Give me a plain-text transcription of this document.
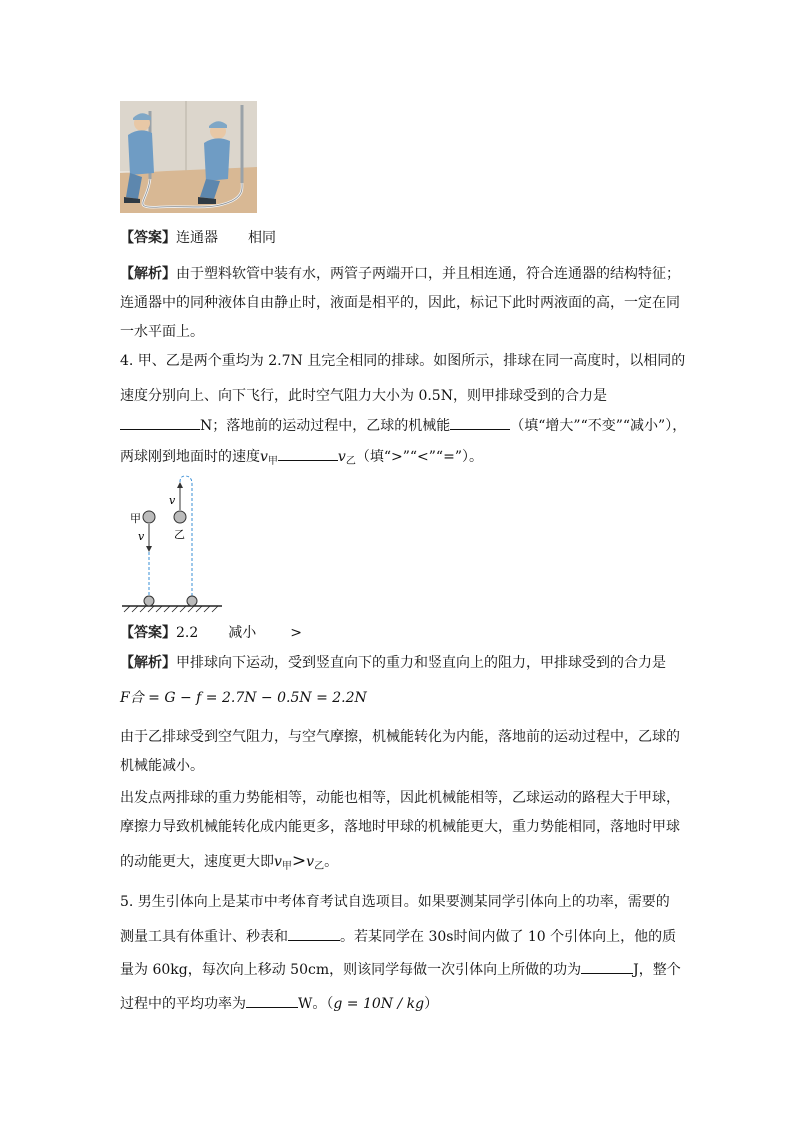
【答案】连通器 相同
【解析】由于塑料软管中装有水，两管子两端开口，并且相连通，符合连通器的结构特征；
连通器中的同种液体自由静止时，液面是相平的，因此，标记下此时两液面的高，一定在同
一水平面上。
4. 甲、乙是两个重均为 2.7N 且完全相同的排球。如图所示，排球在同一高度时，以相同的
速度分别向上、向下飞行，此时空气阻力大小为 0.5N，则甲排球受到的合力是
N；落地前的运动过程中，乙球的机械能	（填“增大”“不变”“减小”），
两球刚到地面时的速度$v_甲$	$v_乙$（填“>”“<”“=”）。
甲
v	乙
v
【答案】2.2 减小 >
【解析】甲排球向下运动，受到竖直向下的重力和竖直向上的阻力，甲排球受到的合力是
F合 = G − f = 2.7N − 0.5N = 2.2N
由于乙排球受到空气阻力，与空气摩擦，机械能转化为内能，落地前的运动过程中，乙球的
机械能减小。
出发点两排球的重力势能相等，动能也相等，因此机械能相等，乙球运动的路程大于甲球，
摩擦力导致机械能转化成内能更多，落地时甲球的机械能更大，重力势能相同，落地时甲球
的动能更大，速度更大即$v_甲>v_乙$。
5. 男生引体向上是某市中考体育考试自选项目。如果要测某同学引体向上的功率，需要的
测量工具有体重计、秒表和	。若某同学在 30s时间内做了 10 个引体向上，他的质
量为 60kg，每次向上移动 50cm，则该同学每做一次引体向上所做的功为	J，整个
过程中的平均功率为	W。（g = 10N / kg）
